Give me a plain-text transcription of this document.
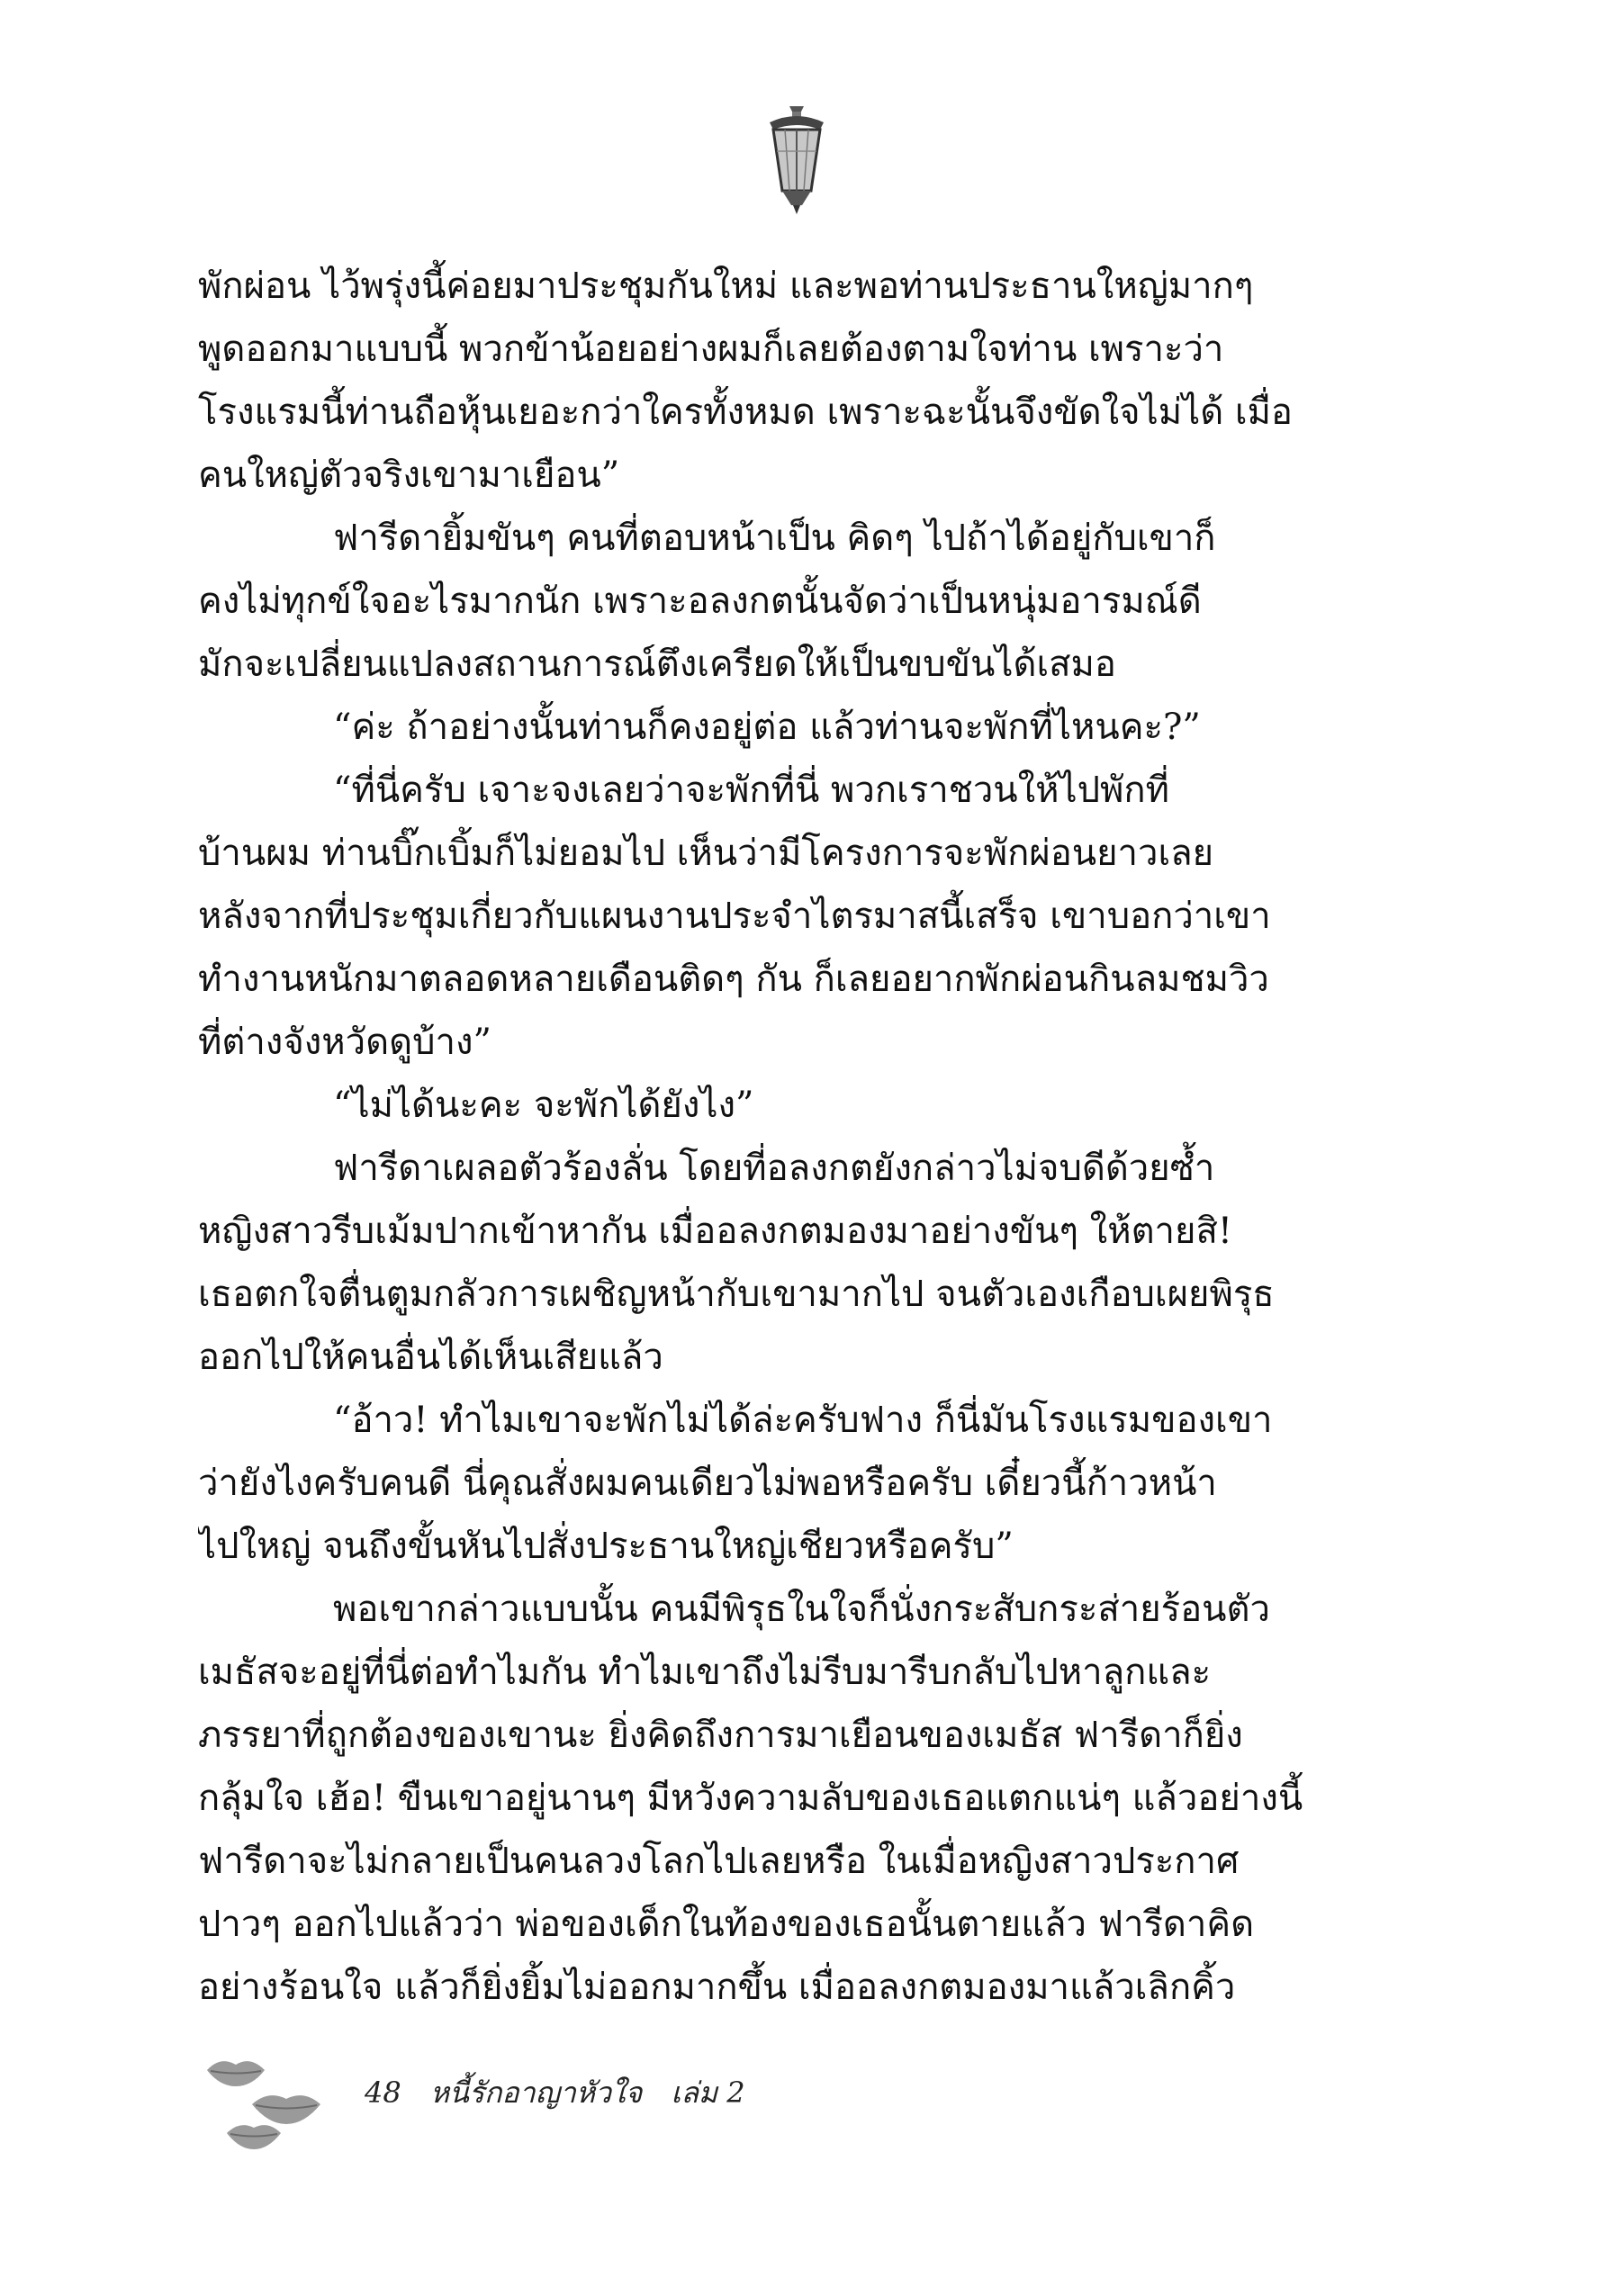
พักผ่อน ไว้พรุ่งนี้ค่อยมาประชุมกันใหม่ และพอท่านประธานใหญ่มากๆ
พูดออกมาแบบนี้ พวกข้าน้อยอย่างผมก็เลยต้องตามใจท่าน เพราะว่า
โรงแรมนี้ท่านถือหุ้นเยอะกว่าใครทั้งหมด เพราะฉะนั้นจึงขัดใจไม่ได้ เมื่อ
คนใหญ่ตัวจริงเขามาเยือน”
ฟารีดายิ้มขันๆ คนที่ตอบหน้าเป็น คิดๆ ไปถ้าได้อยู่กับเขาก็
คงไม่ทุกข์ใจอะไรมากนัก เพราะอลงกตนั้นจัดว่าเป็นหนุ่มอารมณ์ดี
มักจะเปลี่ยนแปลงสถานการณ์ตึงเครียดให้เป็นขบขันได้เสมอ
“ค่ะ ถ้าอย่างนั้นท่านก็คงอยู่ต่อ แล้วท่านจะพักที่ไหนคะ?”
“ที่นี่ครับ เจาะจงเลยว่าจะพักที่นี่ พวกเราชวนให้ไปพักที่
บ้านผม ท่านบิ๊กเบิ้มก็ไม่ยอมไป เห็นว่ามีโครงการจะพักผ่อนยาวเลย
หลังจากที่ประชุมเกี่ยวกับแผนงานประจำไตรมาสนี้เสร็จ เขาบอกว่าเขา
ทำงานหนักมาตลอดหลายเดือนติดๆ กัน ก็เลยอยากพักผ่อนกินลมชมวิว
ที่ต่างจังหวัดดูบ้าง”
“ไม่ได้นะคะ จะพักได้ยังไง”
ฟารีดาเผลอตัวร้องลั่น โดยที่อลงกตยังกล่าวไม่จบดีด้วยซ้ำ
หญิงสาวรีบเม้มปากเข้าหากัน เมื่ออลงกตมองมาอย่างขันๆ ให้ตายสิ!
เธอตกใจตื่นตูมกลัวการเผชิญหน้ากับเขามากไป จนตัวเองเกือบเผยพิรุธ
ออกไปให้คนอื่นได้เห็นเสียแล้ว
“อ้าว! ทำไมเขาจะพักไม่ได้ล่ะครับฟาง ก็นี่มันโรงแรมของเขา
ว่ายังไงครับคนดี นี่คุณสั่งผมคนเดียวไม่พอหรือครับ เดี๋ยวนี้ก้าวหน้า
ไปใหญ่ จนถึงขั้นหันไปสั่งประธานใหญ่เชียวหรือครับ”
พอเขากล่าวแบบนั้น คนมีพิรุธในใจก็นั่งกระสับกระส่ายร้อนตัว
เมธัสจะอยู่ที่นี่ต่อทำไมกัน ทำไมเขาถึงไม่รีบมารีบกลับไปหาลูกและ
ภรรยาที่ถูกต้องของเขานะ ยิ่งคิดถึงการมาเยือนของเมธัส ฟารีดาก็ยิ่ง
กลุ้มใจ เฮ้อ! ขืนเขาอยู่นานๆ มีหวังความลับของเธอแตกแน่ๆ แล้วอย่างนี้
ฟารีดาจะไม่กลายเป็นคนลวงโลกไปเลยหรือ ในเมื่อหญิงสาวประกาศ
ปาวๆ ออกไปแล้วว่า พ่อของเด็กในท้องของเธอนั้นตายแล้ว ฟารีดาคิด
อย่างร้อนใจ แล้วก็ยิ่งยิ้มไม่ออกมากขึ้น เมื่ออลงกตมองมาแล้วเลิกคิ้ว
48 หนี้รักอาญาหัวใจ เล่ม 2
